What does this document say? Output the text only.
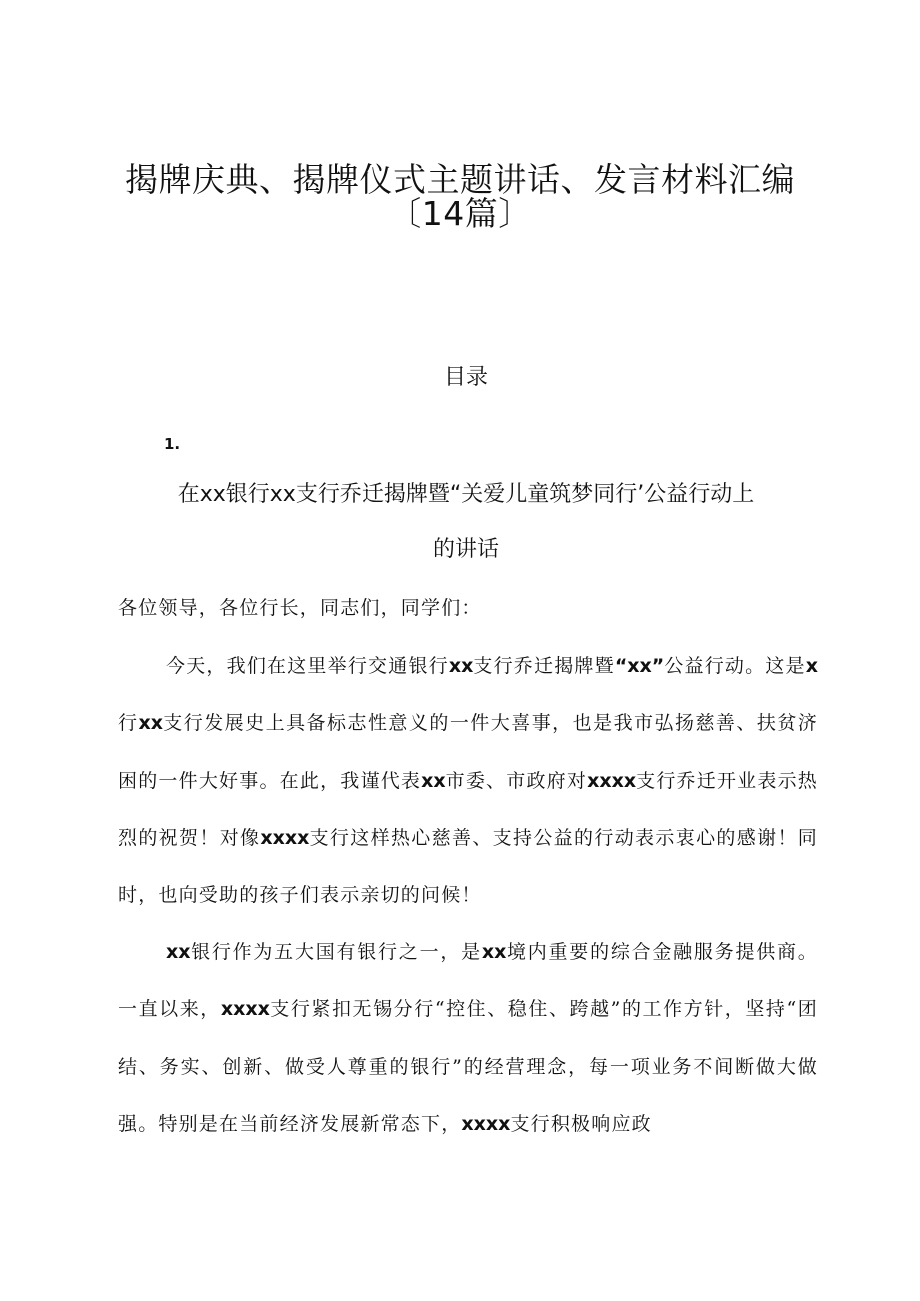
揭牌庆典、揭牌仪式主题讲话、发言材料汇编
〔14篇〕
目录
1.
在xx银行xx支行乔迁揭牌暨“关爱儿童筑梦同行’公益行动上
的讲话

各位领导，各位行长，同志们，同学们：

今天，我们在这里举行交通银行xx支行乔迁揭牌暨“xx”公益行动。这是x行xx支行发展史上具备标志性意义的一件大喜事，也是我市弘扬慈善、扶贫济困的一件大好事。在此，我谨代表xx市委、市政府对xxxx支行乔迁开业表示热烈的祝贺！对像xxxx支行这样热心慈善、支持公益的行动表示衷心的感谢！同时，也向受助的孩子们表示亲切的问候！

xx银行作为五大国有银行之一，是xx境内重要的综合金融服务提供商。一直以来，xxxx支行紧扣无锡分行“控住、稳住、跨越”的工作方针，坚持“团结、务实、创新、做受人尊重的银行”的经营理念，每一项业务不间断做大做强。特别是在当前经济发展新常态下，xxxx支行积极响应政
